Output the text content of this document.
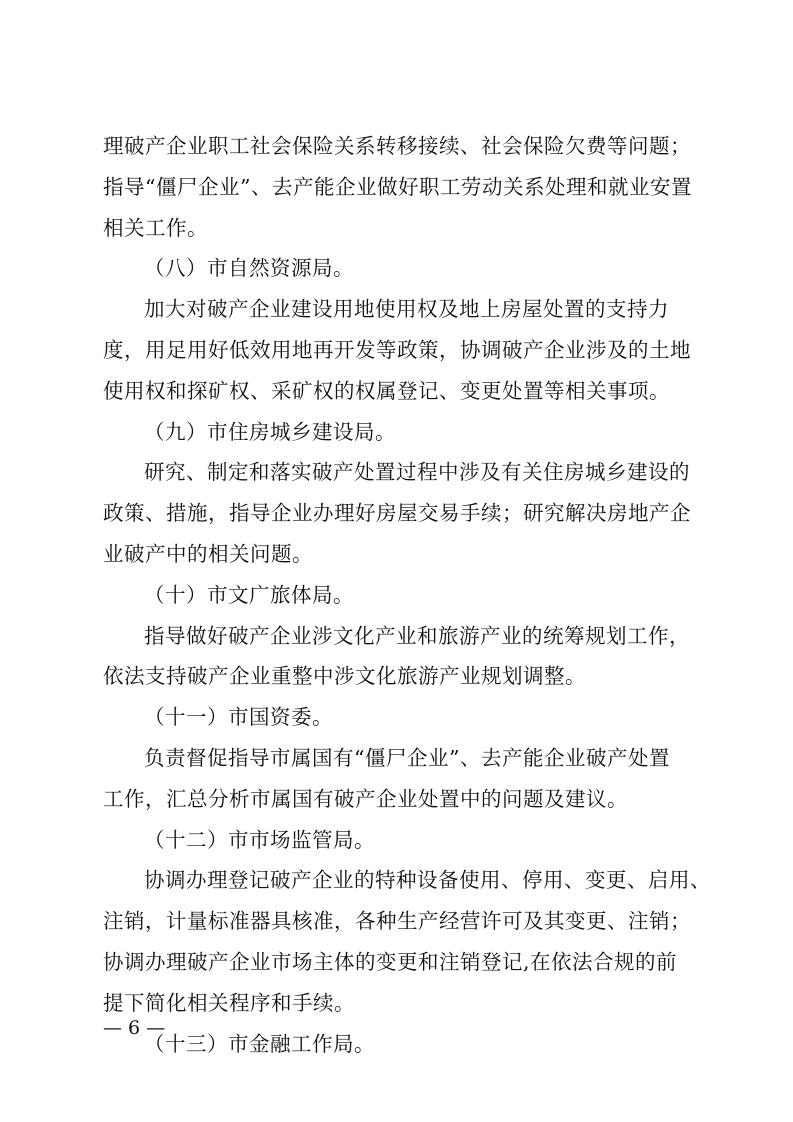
理破产企业职工社会保险关系转移接续、社会保险欠费等问题；
指导“僵尸企业”、去产能企业做好职工劳动关系处理和就业安置
相关工作。
（八）市自然资源局。
加大对破产企业建设用地使用权及地上房屋处置的支持力
度，用足用好低效用地再开发等政策，协调破产企业涉及的土地
使用权和探矿权、采矿权的权属登记、变更处置等相关事项。
（九）市住房城乡建设局。
研究、制定和落实破产处置过程中涉及有关住房城乡建设的
政策、措施，指导企业办理好房屋交易手续；研究解决房地产企
业破产中的相关问题。
（十）市文广旅体局。
指导做好破产企业涉文化产业和旅游产业的统筹规划工作，
依法支持破产企业重整中涉文化旅游产业规划调整。
（十一）市国资委。
负责督促指导市属国有“僵尸企业”、去产能企业破产处置
工作，汇总分析市属国有破产企业处置中的问题及建议。
（十二）市市场监管局。
协调办理登记破产企业的特种设备使用、停用、变更、启用、
注销，计量标准器具核准，各种生产经营许可及其变更、注销；
协调办理破产企业市场主体的变更和注销登记,在依法合规的前
提下简化相关程序和手续。
（十三）市金融工作局。
— 6 —
